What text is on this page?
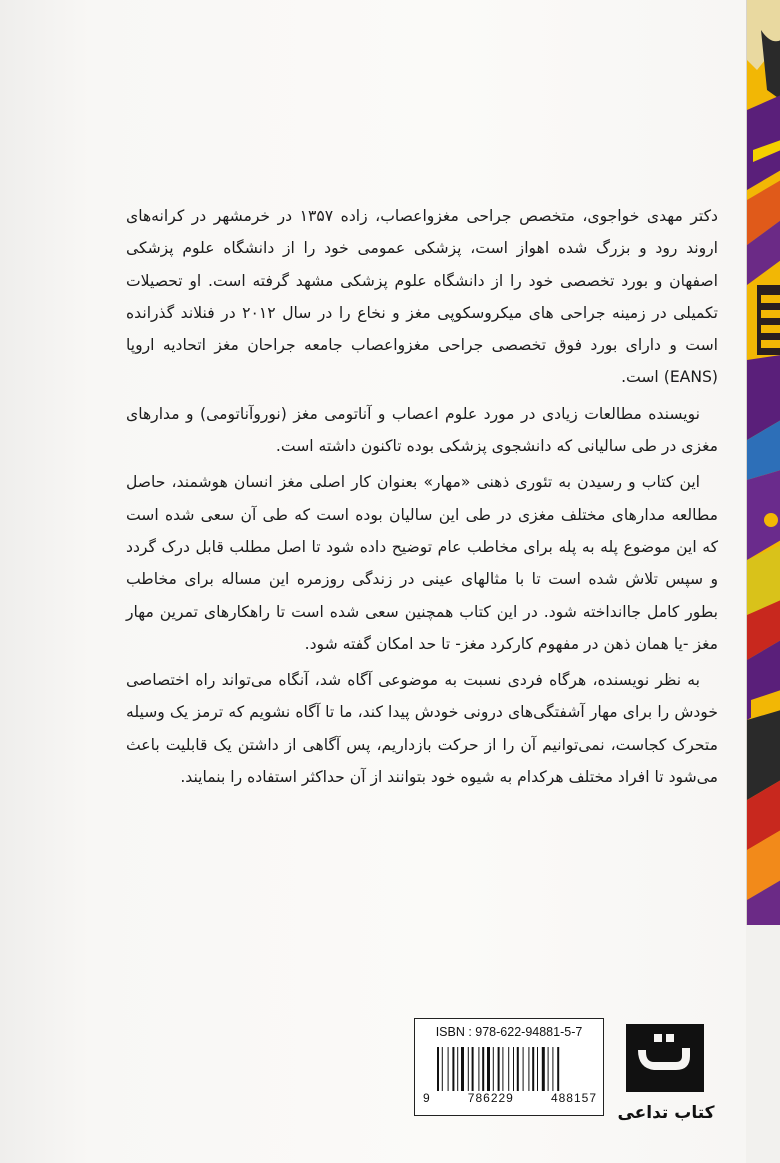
دکتر مهدی خواجوی، متخصص جراحی مغزواعصاب، زاده ۱۳۵۷ در خرمشهر در کرانه‌های اروند رود و بزرگ شده اهواز است، پزشکی عمومی خود را از دانشگاه علوم پزشکی اصفهان و بورد تخصصی خود را از دانشگاه علوم پزشکی مشهد گرفته است. او تحصیلات تکمیلی در زمینه جراحی های میکروسکوپی مغز و نخاع را در سال ۲۰۱۲ در فنلاند گذرانده است و دارای بورد فوق تخصصی جراحی مغزواعصاب جامعه جراحان مغز اتحادیه اروپا (EANS) است.

نویسنده مطالعات زیادی در مورد علوم اعصاب و آناتومی مغز (نوروآناتومی) و مدارهای مغزی در طی سالیانی که دانشجوی پزشکی بوده تاکنون داشته است.

این کتاب و رسیدن به تئوری ذهنی «مهار» بعنوان کار اصلی مغز انسان هوشمند، حاصل مطالعه مدارهای مختلف مغزی در طی این سالیان بوده است که طی آن سعی شده است که این موضوع پله به پله برای مخاطب عام توضیح داده شود تا اصل مطلب قابل درک گردد و سپس تلاش شده است تا با مثالهای عینی در زندگی روزمره این مساله برای مخاطب بطور کامل جاانداخته شود. در این کتاب همچنین سعی شده است تا راهکارهای تمرین مهار مغز -یا همان ذهن در مفهوم کارکرد مغز- تا حد امکان گفته شود.

به نظر نویسنده، هرگاه فردی نسبت به موضوعی آگاه شد، آنگاه می‌تواند راه اختصاصی خودش را برای مهار آشفتگی‌های درونی خودش پیدا کند، ما تا آگاه نشویم که ترمز یک وسیله متحرک کجاست، نمی‌توانیم آن را از حرکت بازداریم، پس آگاهی از داشتن یک قابلیت باعث می‌شود تا افراد مختلف هرکدام به شیوه خود بتوانند از آن حداکثر استفاده را بنمایند.

ISBN : 978-622-94881-5-7
9	786229	488157
کتاب تداعی
